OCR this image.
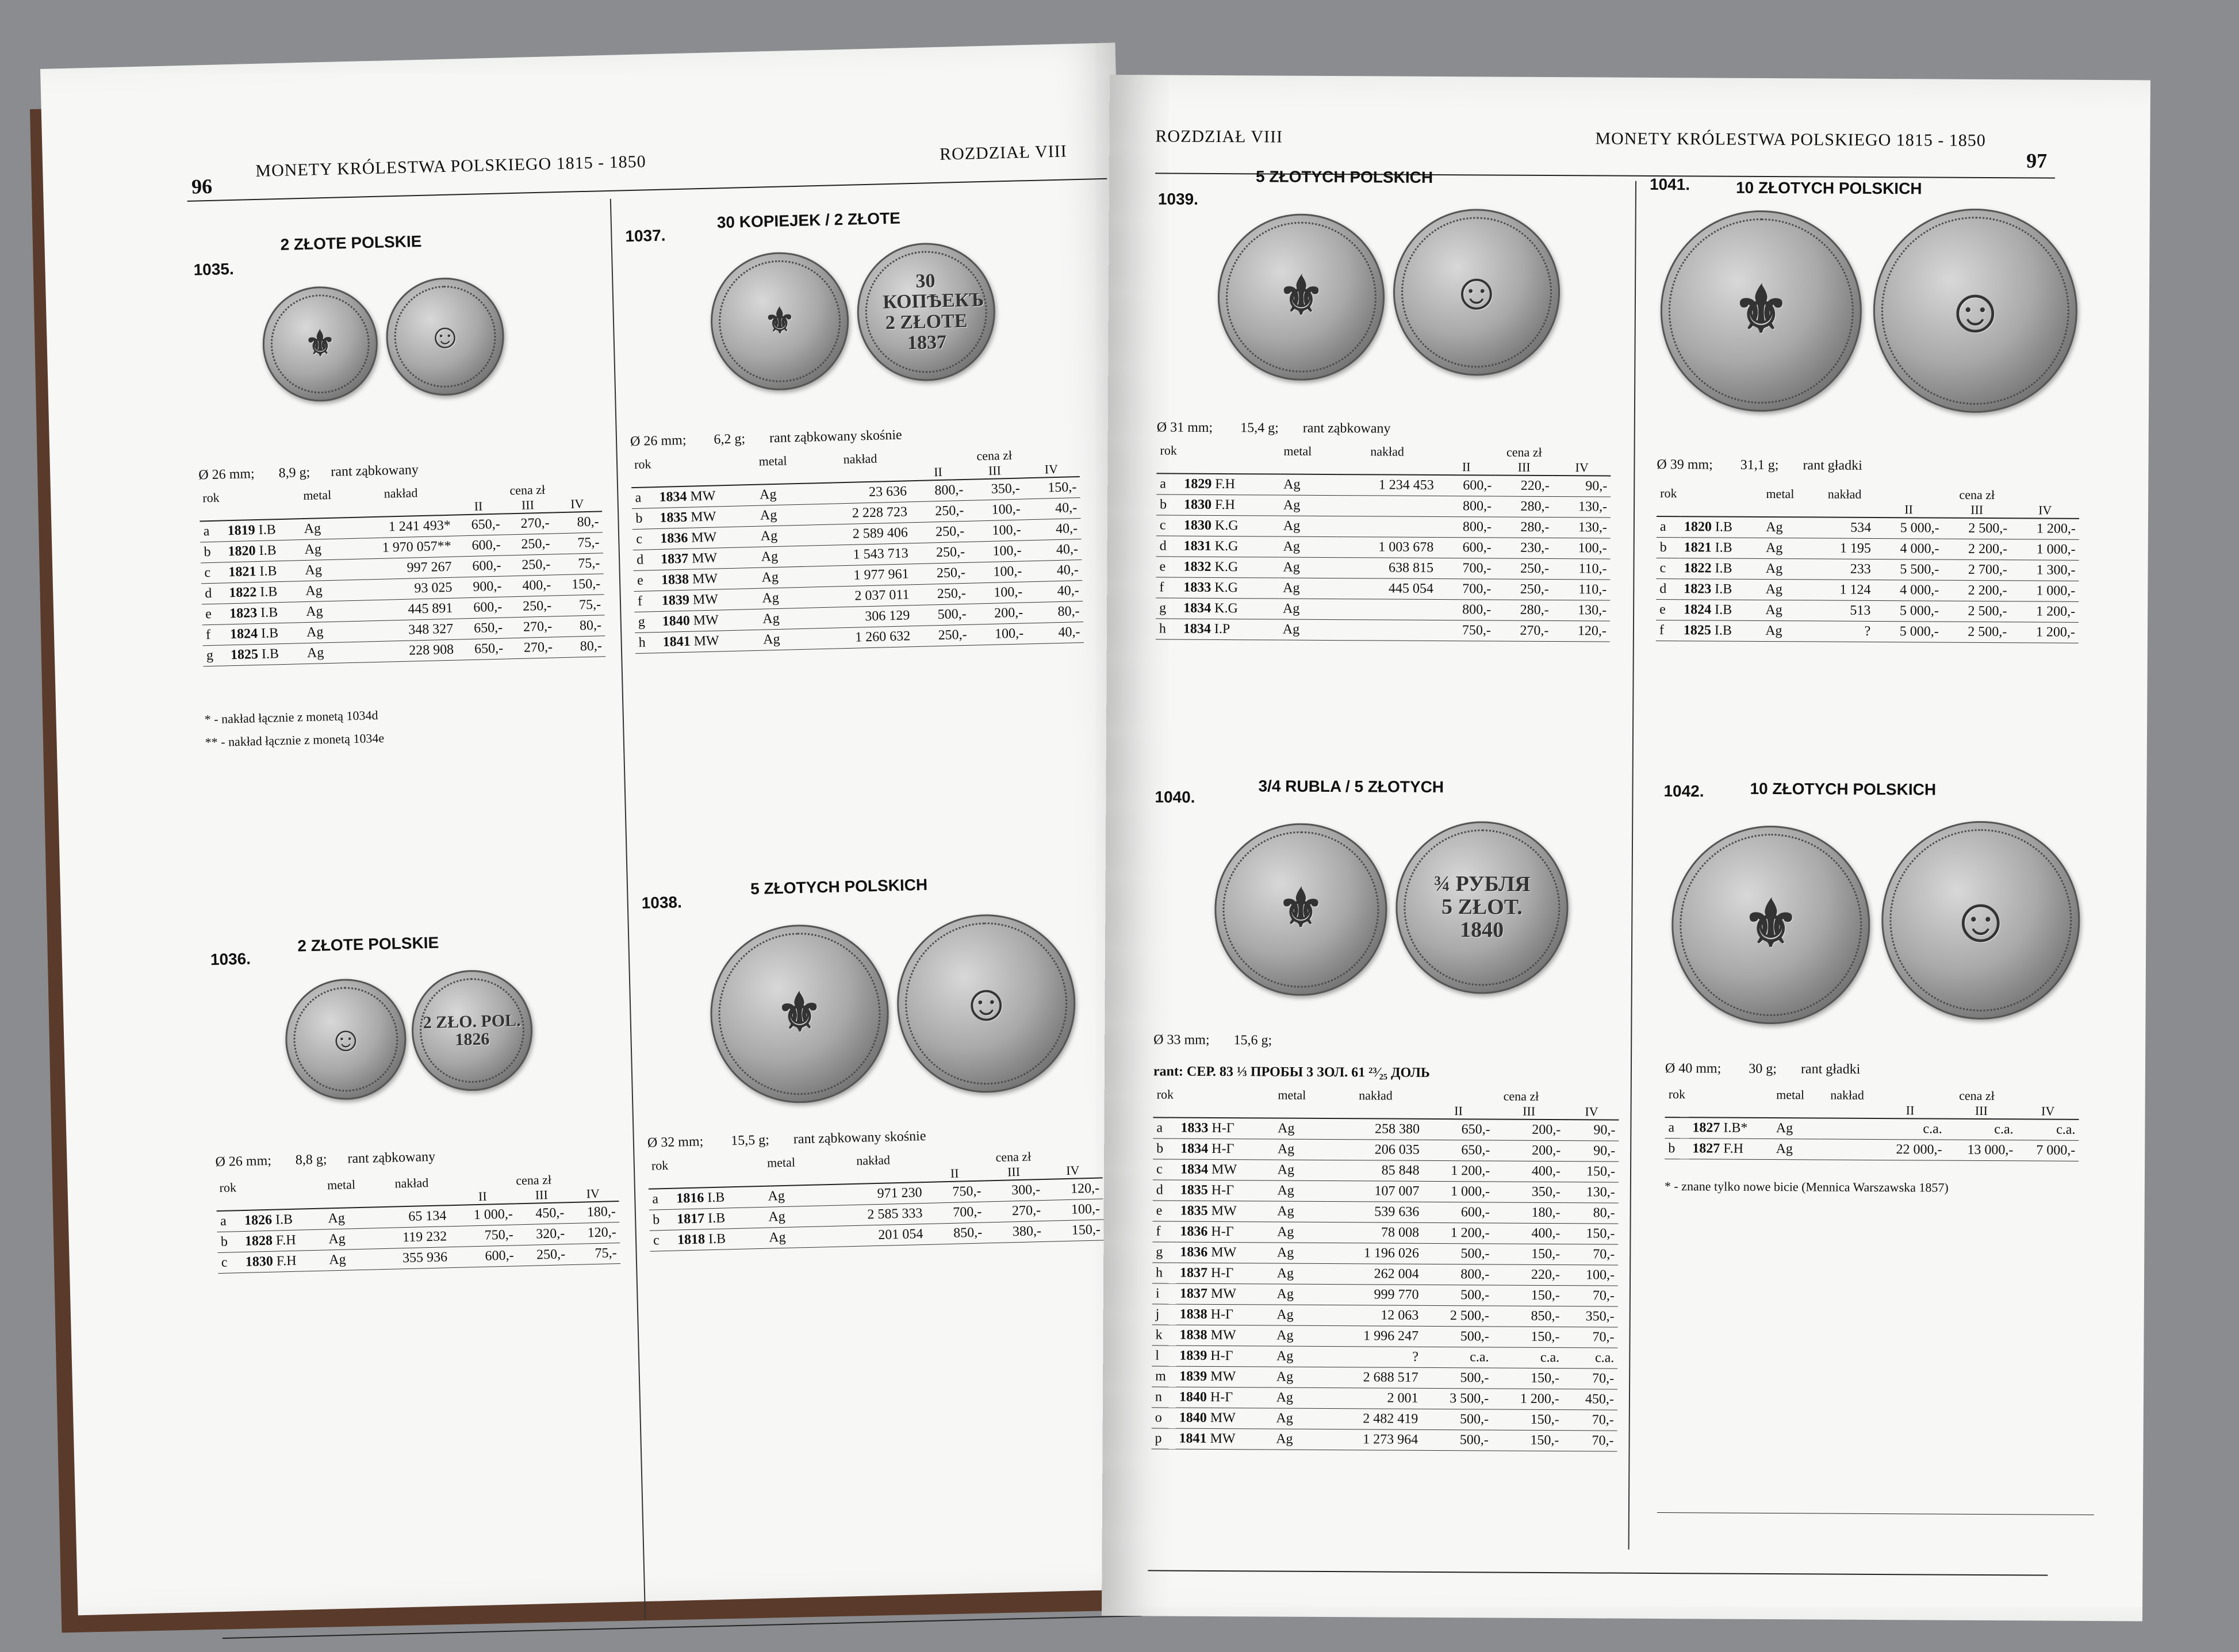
96
MONETY KRÓLESTWA POLSKIEGO 1815 - 1850	ROZDZIAŁ VIII
1035.
2 ZŁOTE POLSKIE
⚜	☺
Ø 26 mm; 8,9 g; rant ząbkowany
rok		metal	nakład	cena zł		
				II	III	IV
a	1819 I.B	Ag	1 241 493*	650,-	270,-	80,-
b	1820 I.B	Ag	1 970 057**	600,-	250,-	75,-
c	1821 I.B	Ag	997 267	600,-	250,-	75,-
d	1822 I.B	Ag	93 025	900,-	400,-	150,-
e	1823 I.B	Ag	445 891	600,-	250,-	75,-
f	1824 I.B	Ag	348 327	650,-	270,-	80,-
g	1825 I.B	Ag	228 908	650,-	270,-	80,-
* - nakład łącznie z monetą 1034d
** - nakład łącznie z monetą 1034e
1036.
2 ZŁOTE POLSKIE
☺	2 ZŁO. POL. 1826
Ø 26 mm; 8,8 g; rant ząbkowany
rok		metal	nakład	cena zł		
				II	III	IV
a	1826 I.B	Ag	65 134	1 000,-	450,-	180,-
b	1828 F.H	Ag	119 232	750,-	320,-	120,-
c	1830 F.H	Ag	355 936	600,-	250,-	75,-
1037.
30 KOPIEJEK / 2 ZŁOTE
⚜
30 КОПѢЕКЪ 2 ZŁOTE 1837
Ø 26 mm; 6,2 g; rant ząbkowany skośnie
rok		metal	nakład	cena zł		
				II	III	IV
a	1834 MW	Ag	23 636	800,-	350,-	150,-
b	1835 MW	Ag	2 228 723	250,-	100,-	40,-
c	1836 MW	Ag	2 589 406	250,-	100,-	40,-
d	1837 MW	Ag	1 543 713	250,-	100,-	40,-
e	1838 MW	Ag	1 977 961	250,-	100,-	40,-
f	1839 MW	Ag	2 037 011	250,-	100,-	40,-
g	1840 MW	Ag	306 129	500,-	200,-	80,-
h	1841 MW	Ag	1 260 632	250,-	100,-	40,-
1038.
5 ZŁOTYCH POLSKICH
⚜	☺
Ø 32 mm; 15,5 g; rant ząbkowany skośnie
rok		metal	nakład	cena zł		
				II	III	IV
a	1816 I.B	Ag	971 230	750,-	300,-	120,-
b	1817 I.B	Ag	2 585 333	700,-	270,-	100,-
c	1818 I.B	Ag	201 054	850,-	380,-	150,-
ROZDZIAŁ VIII	MONETY KRÓLESTWA POLSKIEGO 1815 - 1850
97
1039.
5 ZŁOTYCH POLSKICH
⚜ ☺
Ø 31 mm; 15,4 g; rant ząbkowany
rok		metal	nakład	cena zł		
				II	III	IV
a	1829 F.H	Ag	1 234 453	600,-	220,-	90,-
b	1830 F.H	Ag		800,-	280,-	130,-
c	1830 K.G	Ag		800,-	280,-	130,-
d	1831 K.G	Ag	1 003 678	600,-	230,-	100,-
e	1832 K.G	Ag	638 815	700,-	250,-	110,-
f	1833 K.G	Ag	445 054	700,-	250,-	110,-
g	1834 K.G	Ag		800,-	280,-	130,-
h	1834 I.P	Ag		750,-	270,-	120,-
1040.
3/4 RUBLA / 5 ZŁOTYCH
⚜	¾ РУБЛЯ 5 ZŁOT. 1840
Ø 33 mm; 15,6 g;
rant: СЕР. 83 ⅓ ПРОБЫ 3 ЗОЛ. 61 ²³⁄₂₅ ДОЛЬ
rok		metal	nakład	cena zł		
				II	III	IV
a	1833 Н-Г	Ag	258 380	650,-	200,-	90,-
b	1834 Н-Г	Ag	206 035	650,-	200,-	90,-
c	1834 MW	Ag	85 848	1 200,-	400,-	150,-
d	1835 Н-Г	Ag	107 007	1 000,-	350,-	130,-
e	1835 MW	Ag	539 636	600,-	180,-	80,-
f	1836 Н-Г	Ag	78 008	1 200,-	400,-	150,-
g	1836 MW	Ag	1 196 026	500,-	150,-	70,-
h	1837 Н-Г	Ag	262 004	800,-	220,-	100,-
i	1837 MW	Ag	999 770	500,-	150,-	70,-
j	1838 Н-Г	Ag	12 063	2 500,-	850,-	350,-
k	1838 MW	Ag	1 996 247	500,-	150,-	70,-
l	1839 Н-Г	Ag	?	c.a.	c.a.	c.a.
m	1839 MW	Ag	2 688 517	500,-	150,-	70,-
n	1840 Н-Г	Ag	2 001	3 500,-	1 200,-	450,-
o	1840 MW	Ag	2 482 419	500,-	150,-	70,-
p	1841 MW	Ag	1 273 964	500,-	150,-	70,-
1041.	10 ZŁOTYCH POLSKICH
⚜ ☺
Ø 39 mm; 31,1 g; rant gładki
rok		metal	nakład	cena zł		
				II	III	IV
a	1820 I.B	Ag	534	5 000,-	2 500,-	1 200,-
b	1821 I.B	Ag	1 195	4 000,-	2 200,-	1 000,-
c	1822 I.B	Ag	233	5 500,-	2 700,-	1 300,-
d	1823 I.B	Ag	1 124	4 000,-	2 200,-	1 000,-
e	1824 I.B	Ag	513	5 000,-	2 500,-	1 200,-
f	1825 I.B	Ag	?	5 000,-	2 500,-	1 200,-
1042.	10 ZŁOTYCH POLSKICH
⚜ ☺
Ø 40 mm; 30 g; rant gładki
rok		metal	nakład	cena zł		
				II	III	IV
a	1827 I.B*	Ag		c.a.	c.a.	c.a.
b	1827 F.H	Ag		22 000,-	13 000,-	7 000,-
* - znane tylko nowe bicie (Mennica Warszawska 1857)
